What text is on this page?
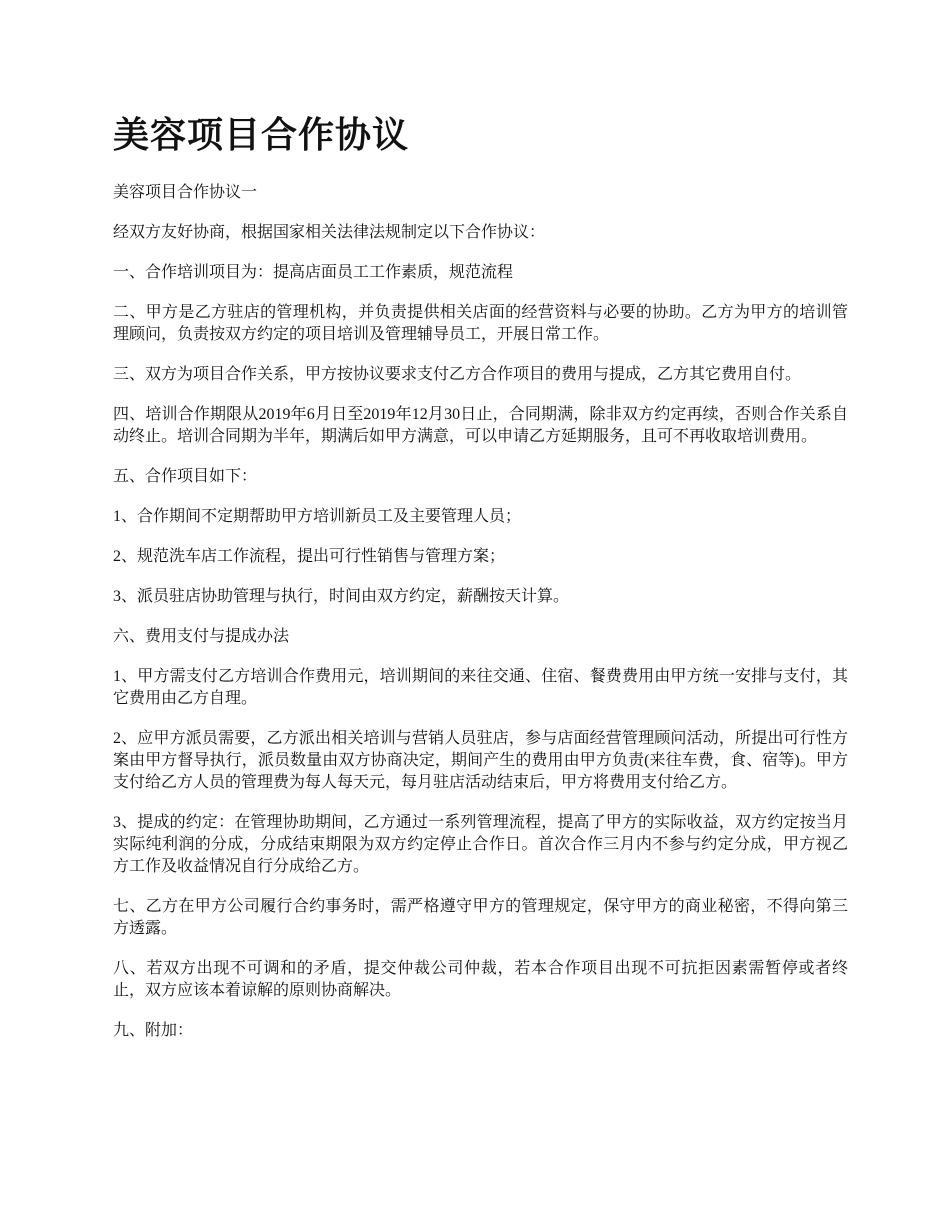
美容项目合作协议

美容项目合作协议一

经双方友好协商，根据国家相关法律法规制定以下合作协议：

一、合作培训项目为：提高店面员工工作素质，规范流程

二、甲方是乙方驻店的管理机构，并负责提供相关店面的经营资料与必要的协助。乙方为甲方的培训管理顾问，负责按双方约定的项目培训及管理辅导员工，开展日常工作。

三、双方为项目合作关系，甲方按协议要求支付乙方合作项目的费用与提成，乙方其它费用自付。

四、培训合作期限从2019年6月日至2019年12月30日止，合同期满，除非双方约定再续，否则合作关系自动终止。培训合同期为半年，期满后如甲方满意，可以申请乙方延期服务，且可不再收取培训费用。

五、合作项目如下：

1、合作期间不定期帮助甲方培训新员工及主要管理人员；

2、规范洗车店工作流程，提出可行性销售与管理方案；

3、派员驻店协助管理与执行，时间由双方约定，薪酬按天计算。

六、费用支付与提成办法

1、甲方需支付乙方培训合作费用元，培训期间的来往交通、住宿、餐费费用由甲方统一安排与支付，其它费用由乙方自理。

2、应甲方派员需要，乙方派出相关培训与营销人员驻店，参与店面经营管理顾问活动，所提出可行性方案由甲方督导执行，派员数量由双方协商决定，期间产生的费用由甲方负责(来往车费，食、宿等)。甲方支付给乙方人员的管理费为每人每天元，每月驻店活动结束后，甲方将费用支付给乙方。

3、提成的约定：在管理协助期间，乙方通过一系列管理流程，提高了甲方的实际收益，双方约定按当月实际纯利润的分成，分成结束期限为双方约定停止合作日。首次合作三月内不参与约定分成，甲方视乙方工作及收益情况自行分成给乙方。

七、乙方在甲方公司履行合约事务时，需严格遵守甲方的管理规定，保守甲方的商业秘密，不得向第三方透露。

八、若双方出现不可调和的矛盾，提交仲裁公司仲裁，若本合作项目出现不可抗拒因素需暂停或者终止，双方应该本着谅解的原则协商解决。

九、附加：
